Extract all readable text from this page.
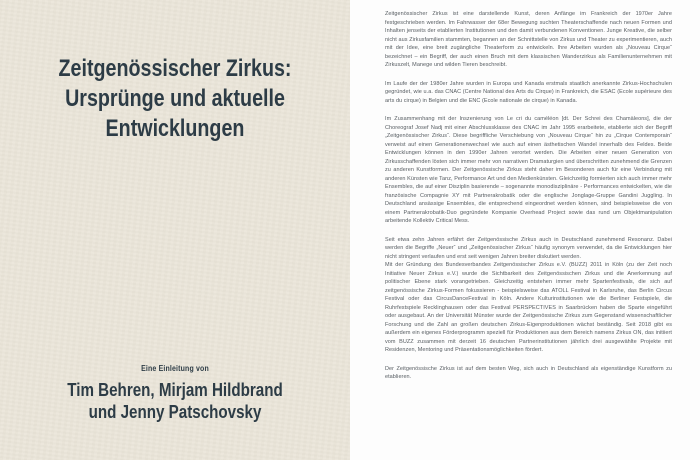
Zeitgenössischer Zirkus:
Ursprünge und aktuelle
Entwicklungen
Eine Einleitung von
Tim Behren, Mirjam Hildbrand
und Jenny Patschovsky

Zeitgenössischer Zirkus ist eine darstellende Kunst, deren Anfänge im Frankreich der 1970er Jahre festgeschrieben werden. Im Fahrwasser der 68er Bewegung suchten Theaterschaffende nach neuen Formen und Inhalten jenseits der etablierten Institutionen und den damit verbundenen Konventionen. Junge Kreative, die selber nicht aus Zirkusfamilien stammten, begannen an der Schnittstelle von Zirkus und Theater zu experimentieren, auch mit der Idee, eine breit zugängliche Theaterform zu entwickeln. Ihre Arbeiten wurden als „Nouveau Cirque“ bezeichnet – ein Begriff, der auch einen Bruch mit dem klassischen Wanderzirkus als Familienunternehmen mit Zirkuszelt, Manege und wilden Tieren beschreibt.

Im Laufe der der 1980er Jahre wurden in Europa und Kanada erstmals staatlich anerkannte Zirkus-Hochschulen gegründet, wie u.a. das CNAC (Centre National des Arts du Cirque) in Frankreich, die ESAC (Ecole supérieure des arts du cirque) in Belgien und die ENC (Ecole nationale de cirque) in Kanada.

Im Zusammenhang mit der Inszenierung von Le cri du caméléon [dt. Der Schrei des Chamäleons], die der Choreograf Josef Nadj mit einer Abschlussklasse des CNAC im Jahr 1995 erarbeitete, etablierte sich der Begriff „Zeitgenössischer Zirkus“. Diese begriffliche Verschiebung von „Nouveau Cirque“ hin zu „Cirque Contemporain“ verweist auf einen Generationenwechsel wie auch auf einen ästhetischen Wandel innerhalb des Feldes. Beide Entwicklungen können in den 1990er Jahren verortet werden. Die Arbeiten einer neuen Generation von Zirkusschaffenden lösten sich immer mehr von narrativen Dramaturgien und überschritten zunehmend die Grenzen zu anderen Kunstformen. Der Zeitgenössische Zirkus steht daher im Besonderen auch für eine Verbindung mit anderen Künsten wie Tanz, Performance Art und den Medienkünsten. Gleichzeitig formierten sich auch immer mehr Ensembles, die auf einer Disziplin basierende – sogenannte monodisziplinäre - Performances entwickelten, wie die französische Compagnie XY mit Partnerakrobatik oder die englische Jonglage-Gruppe Gandini Juggling. In Deutschland ansässige Ensembles, die entsprechend eingeordnet werden können, sind beispielsweise die von einem Partnerakrobatik-Duo gegründete Kompanie Overhead Project sowie das rund um Objektmanipulation arbeitende Kollektiv Critical Mess.

Seit etwa zehn Jahren erfährt der Zeitgenössische Zirkus auch in Deutschland zunehmend Resonanz. Dabei werden die Begriffe „Neuer“ und „Zeitgenössischer Zirkus“ häufig synonym verwendet, da die Entwicklungen hier nicht stringent verlaufen und erst seit wenigen Jahren breiter diskutiert werden.

Mit der Gründung des Bundesverbandes Zeitgenössischer Zirkus e.V. (BUZZ) 2011 in Köln (zu der Zeit noch Initiative Neuer Zirkus e.V.) wurde die Sichtbarkeit des Zeitgenössischen Zirkus und die Anerkennung auf politischer Ebene stark vorangetrieben. Gleichzeitig entstehen immer mehr Spartenfestivals, die sich auf zeitgenössische Zirkus-Formen fokussieren - beispielsweise das ATOLL Festival in Karlsruhe, das Berlin Circus Festival oder das CircusDanceFestival in Köln. Andere Kulturinstitutionen wie die Berliner Festspiele, die Ruhrfestspiele Recklinghausen oder das Festival PERSPECTIVES in Saarbrücken haben die Sparte eingeführt oder ausgebaut. An der Universität Münster wurde der Zeitgenössische Zirkus zum Gegenstand wissenschaftlicher Forschung und die Zahl an großen deutschen Zirkus-Eigenproduktionen wächst beständig. Seit 2018 gibt es außerdem ein eigenes Förderprogramm speziell für Produktionen aus dem Bereich namens Zirkus ON, das initiiert vom BUZZ zusammen mit derzeit 16 deutschen Partnerinstitutionen jährlich drei ausgewählte Projekte mit Residenzen, Mentoring und Präsentationsmöglichkeiten fördert.

Der Zeitgenössische Zirkus ist auf dem besten Weg, sich auch in Deutschland als eigenständige Kunstform zu etablieren.
